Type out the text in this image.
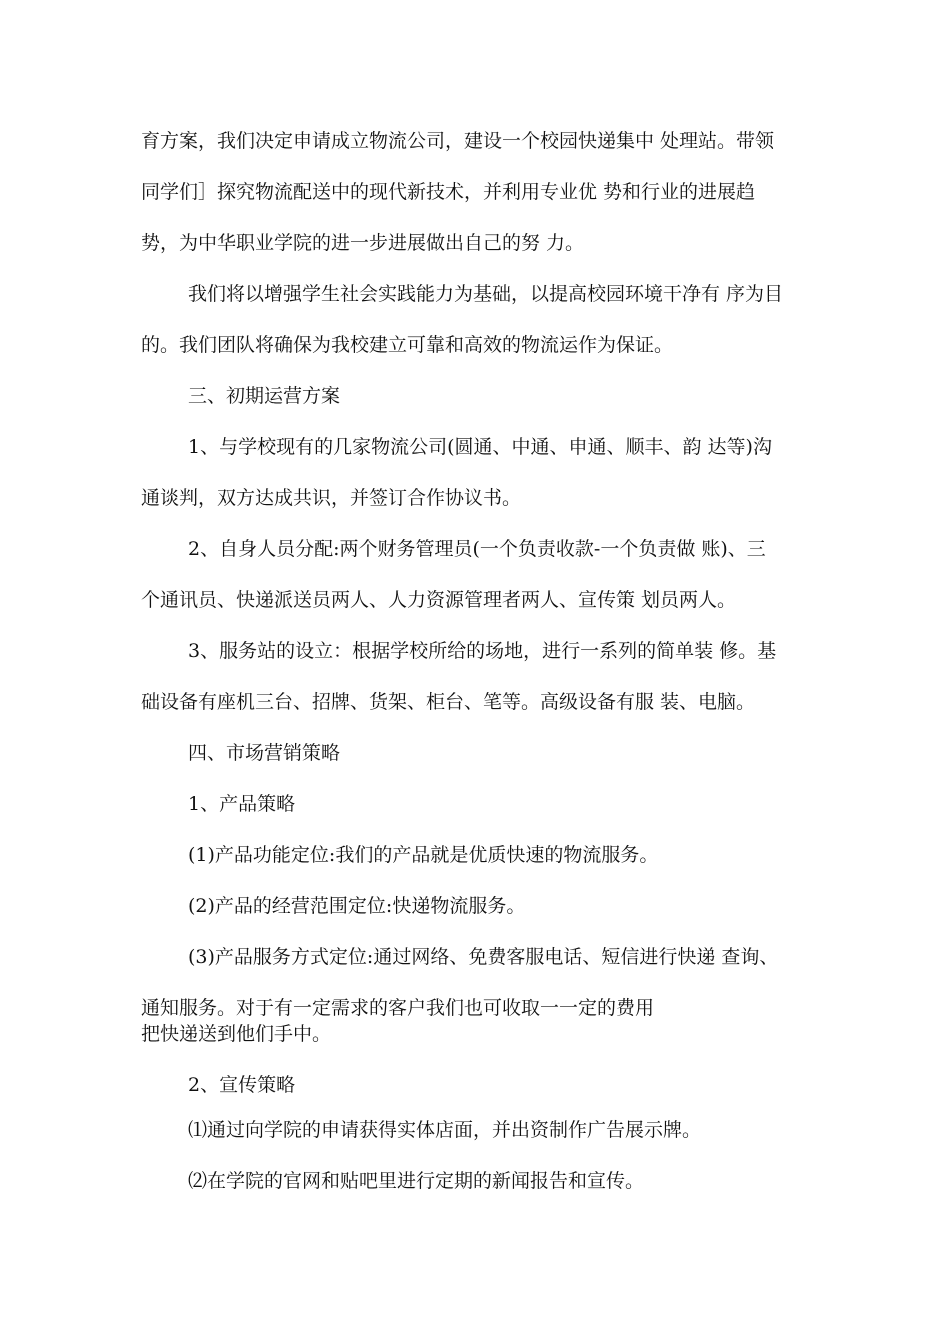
育方案，我们决定申请成立物流公司，建设一个校园快递集中 处理站。带领
同学们］探究物流配送中的现代新技术，并利用专业优 势和行业的进展趋
势，为中华职业学院的进一步进展做出自己的努 力。
我们将以增强学生社会实践能力为基础，以提高校园环境干净有 序为目
的。我们团队将确保为我校建立可靠和高效的物流运作为保证。
三、初期运营方案
1、与学校现有的几家物流公司(圆通、中通、申通、顺丰、韵 达等)沟
通谈判，双方达成共识，并签订合作协议书。
2、自身人员分配:两个财务管理员(一个负责收款-一个负责做 账)、三
个通讯员、快递派送员两人、人力资源管理者两人、宣传策 划员两人。
3、服务站的设立：根据学校所给的场地，进行一系列的简单装 修。基
础设备有座机三台、招牌、货架、柜台、笔等。高级设备有服 装、电脑。
四、市场营销策略
1、产品策略
(1)产品功能定位:我们的产品就是优质快速的物流服务。
(2)产品的经营范围定位:快递物流服务。
(3)产品服务方式定位:通过网络、免费客服电话、短信进行快递 查询、
通知服务。对于有一定需求的客户我们也可收取一一定的费用
把快递送到他们手中。
2、宣传策略
⑴通过向学院的申请获得实体店面，并出资制作广告展示牌。
⑵在学院的官网和贴吧里进行定期的新闻报告和宣传。
